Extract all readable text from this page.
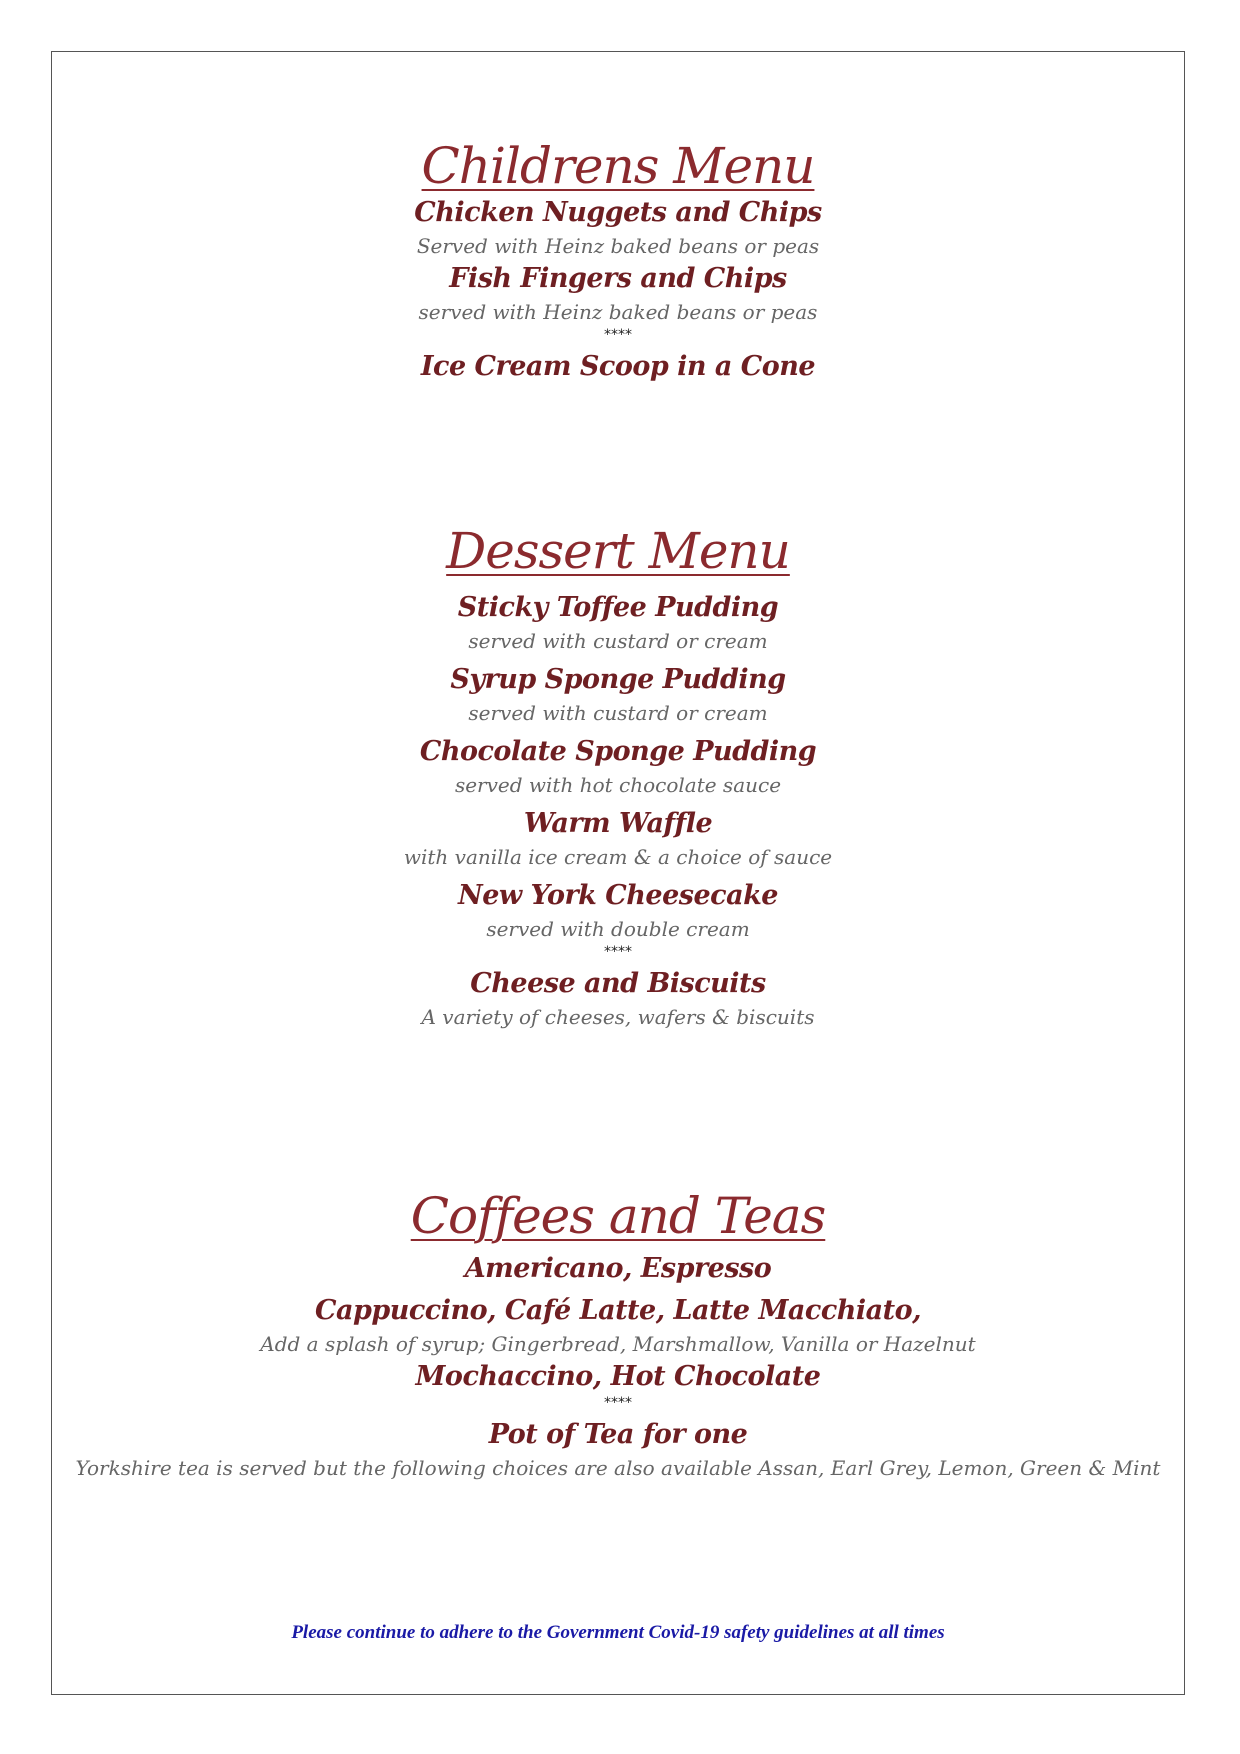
Childrens Menu

Chicken Nuggets and Chips

Served with Heinz baked beans or peas

Fish Fingers and Chips

served with Heinz baked beans or peas

****

Ice Cream Scoop in a Cone

Dessert Menu

Sticky Toffee Pudding

served with custard or cream

Syrup Sponge Pudding

served with custard or cream

Chocolate Sponge Pudding

served with hot chocolate sauce

Warm Waffle

with vanilla ice cream & a choice of sauce

New York Cheesecake

served with double cream

****

Cheese and Biscuits

A variety of cheeses, wafers & biscuits

Coffees and Teas

Americano, Espresso

Cappuccino, Café Latte, Latte Macchiato,

Add a splash of syrup; Gingerbread, Marshmallow, Vanilla or Hazelnut

Mochaccino, Hot Chocolate

****

Pot of Tea for one

Yorkshire tea is served but the following choices are also available Assan, Earl Grey, Lemon, Green & Mint

Please continue to adhere to the Government Covid-19 safety guidelines at all times
